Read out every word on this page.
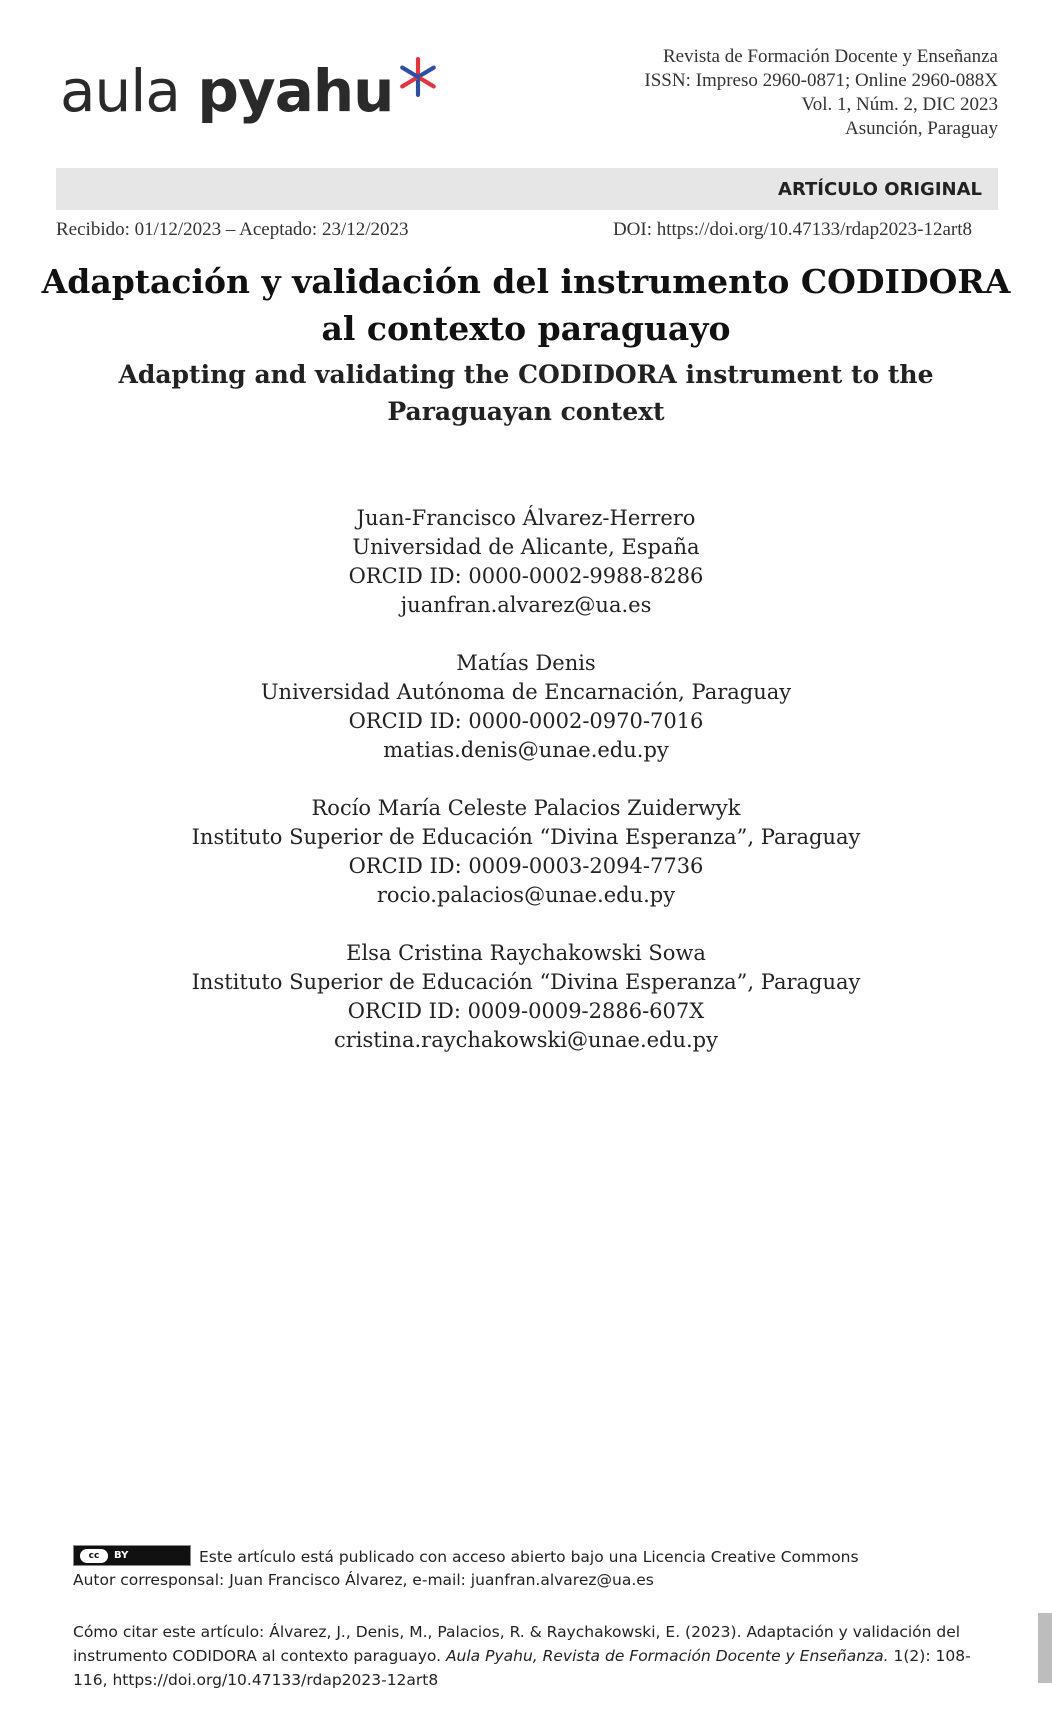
aula pyahu
Revista de Formación Docente y Enseñanza
ISSN: Impreso 2960-0871; Online 2960-088X
Vol. 1, Núm. 2, DIC 2023
Asunción, Paraguay
ARTÍCULO ORIGINAL
Recibido: 01/12/2023 – Aceptado: 23/12/2023	DOI: https://doi.org/10.47133/rdap2023-12art8
Adaptación y validación del instrumento CODIDORA al contexto paraguayo
Adapting and validating the CODIDORA instrument to the Paraguayan context
Juan-Francisco Álvarez-Herrero
Universidad de Alicante, España
ORCID ID: 0000-0002-9988-8286
juanfran.alvarez@ua.es
Matías Denis
Universidad Autónoma de Encarnación, Paraguay
ORCID ID: 0000-0002-0970-7016
matias.denis@unae.edu.py
Rocío María Celeste Palacios Zuiderwyk
Instituto Superior de Educación “Divina Esperanza”, Paraguay
ORCID ID: 0009-0003-2094-7736
rocio.palacios@unae.edu.py
Elsa Cristina Raychakowski Sowa
Instituto Superior de Educación “Divina Esperanza”, Paraguay
ORCID ID: 0009-0009-2886-607X
cristina.raychakowski@unae.edu.py
cc	BY	Este artículo está publicado con acceso abierto bajo una Licencia Creative Commons
Autor corresponsal: Juan Francisco Álvarez, e-mail: juanfran.alvarez@ua.es
Cómo citar este artículo: Álvarez, J., Denis, M., Palacios, R. & Raychakowski, E. (2023). Adaptación y validación del instrumento CODIDORA al contexto paraguayo. Aula Pyahu, Revista de Formación Docente y Enseñanza. 1(2): 108-116, https://doi.org/10.47133/rdap2023-12art8
